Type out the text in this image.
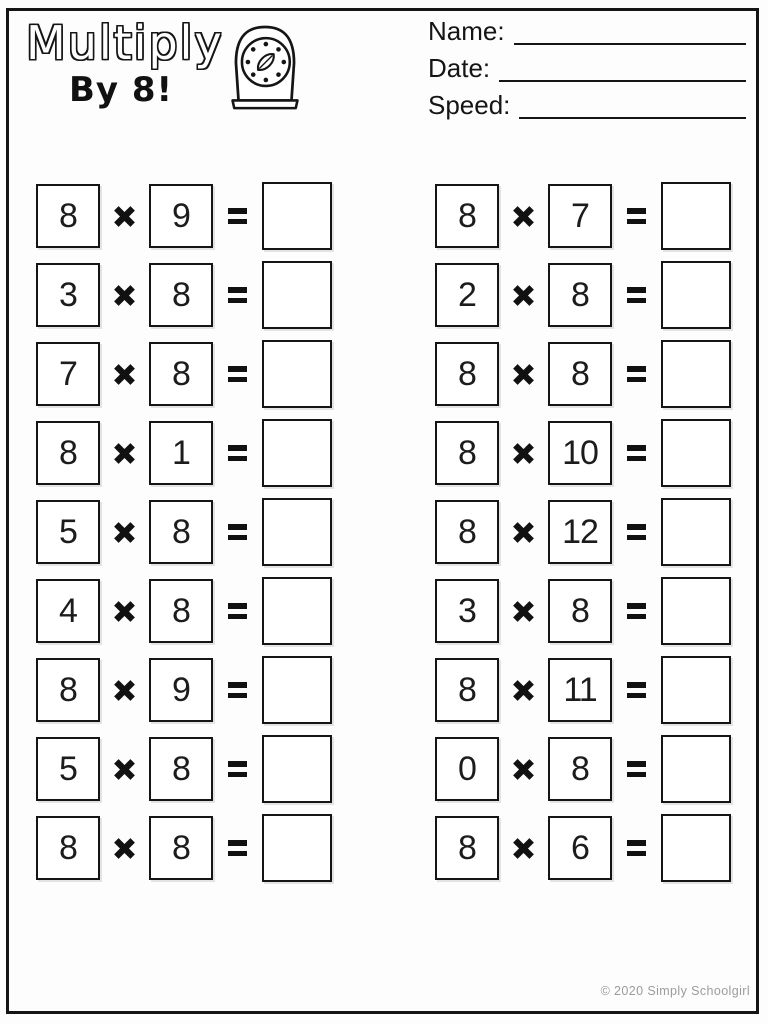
Multiply
By 8!
Name:
Date:
Speed:
8	9
3	8
7	8
8	1
5	8
4	8
8	9
5	8
8	8
8	7
2	8
8	8
8	10
8	12
3	8
8	11
0	8
8	6
© 2020 Simply Schoolgirl
